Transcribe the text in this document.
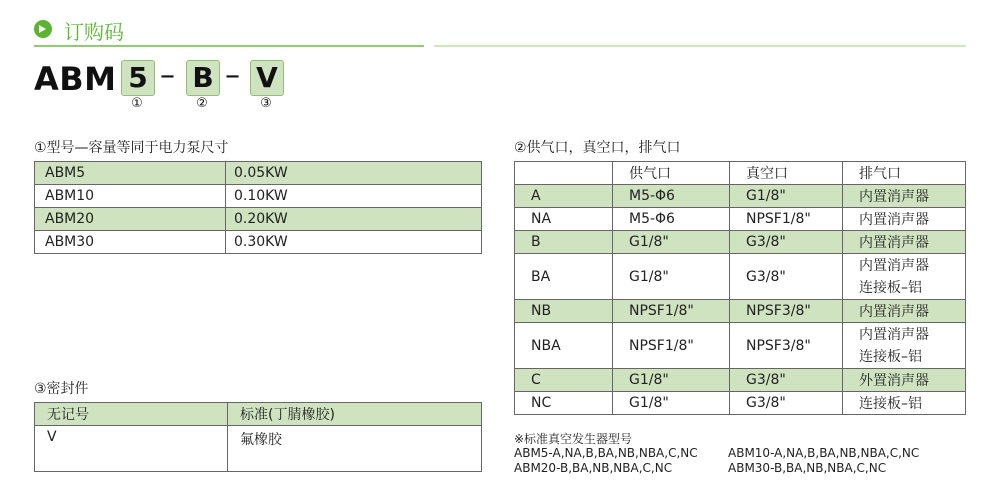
订购码
ABM 5 – B – V
①	②	③
①型号—容量等同于电力泵尺寸
ABM5	0.05KW
ABM10	0.10KW
ABM20	0.20KW
ABM30	0.30KW
③密封件
无记号	标准(丁腈橡胶)
V	氟橡胶
②供气口，真空口，排气口
	供气口	真空口	排气口
A	M5-Φ6	G1/8"	内置消声器
NA	M5-Φ6	NPSF1/8"	内置消声器
B	G1/8"	G3/8"	内置消声器
BA	G1/8"	G3/8"	内置消声器
连接板–铝

NB	NPSF1/8"	NPSF3/8"	内置消声器
NBA	NPSF1/8"	NPSF3/8"	内置消声器
连接板–铝

C	G1/8"	G3/8"	外置消声器
NC	G1/8"	G3/8"	连接板–铝
※标准真空发生器型号
ABM5-A,NA,B,BA,NB,NBA,C,NC	ABM10-A,NA,B,BA,NB,NBA,C,NC
ABM20-B,BA,NB,NBA,C,NC	ABM30-B,BA,NB,NBA,C,NC
